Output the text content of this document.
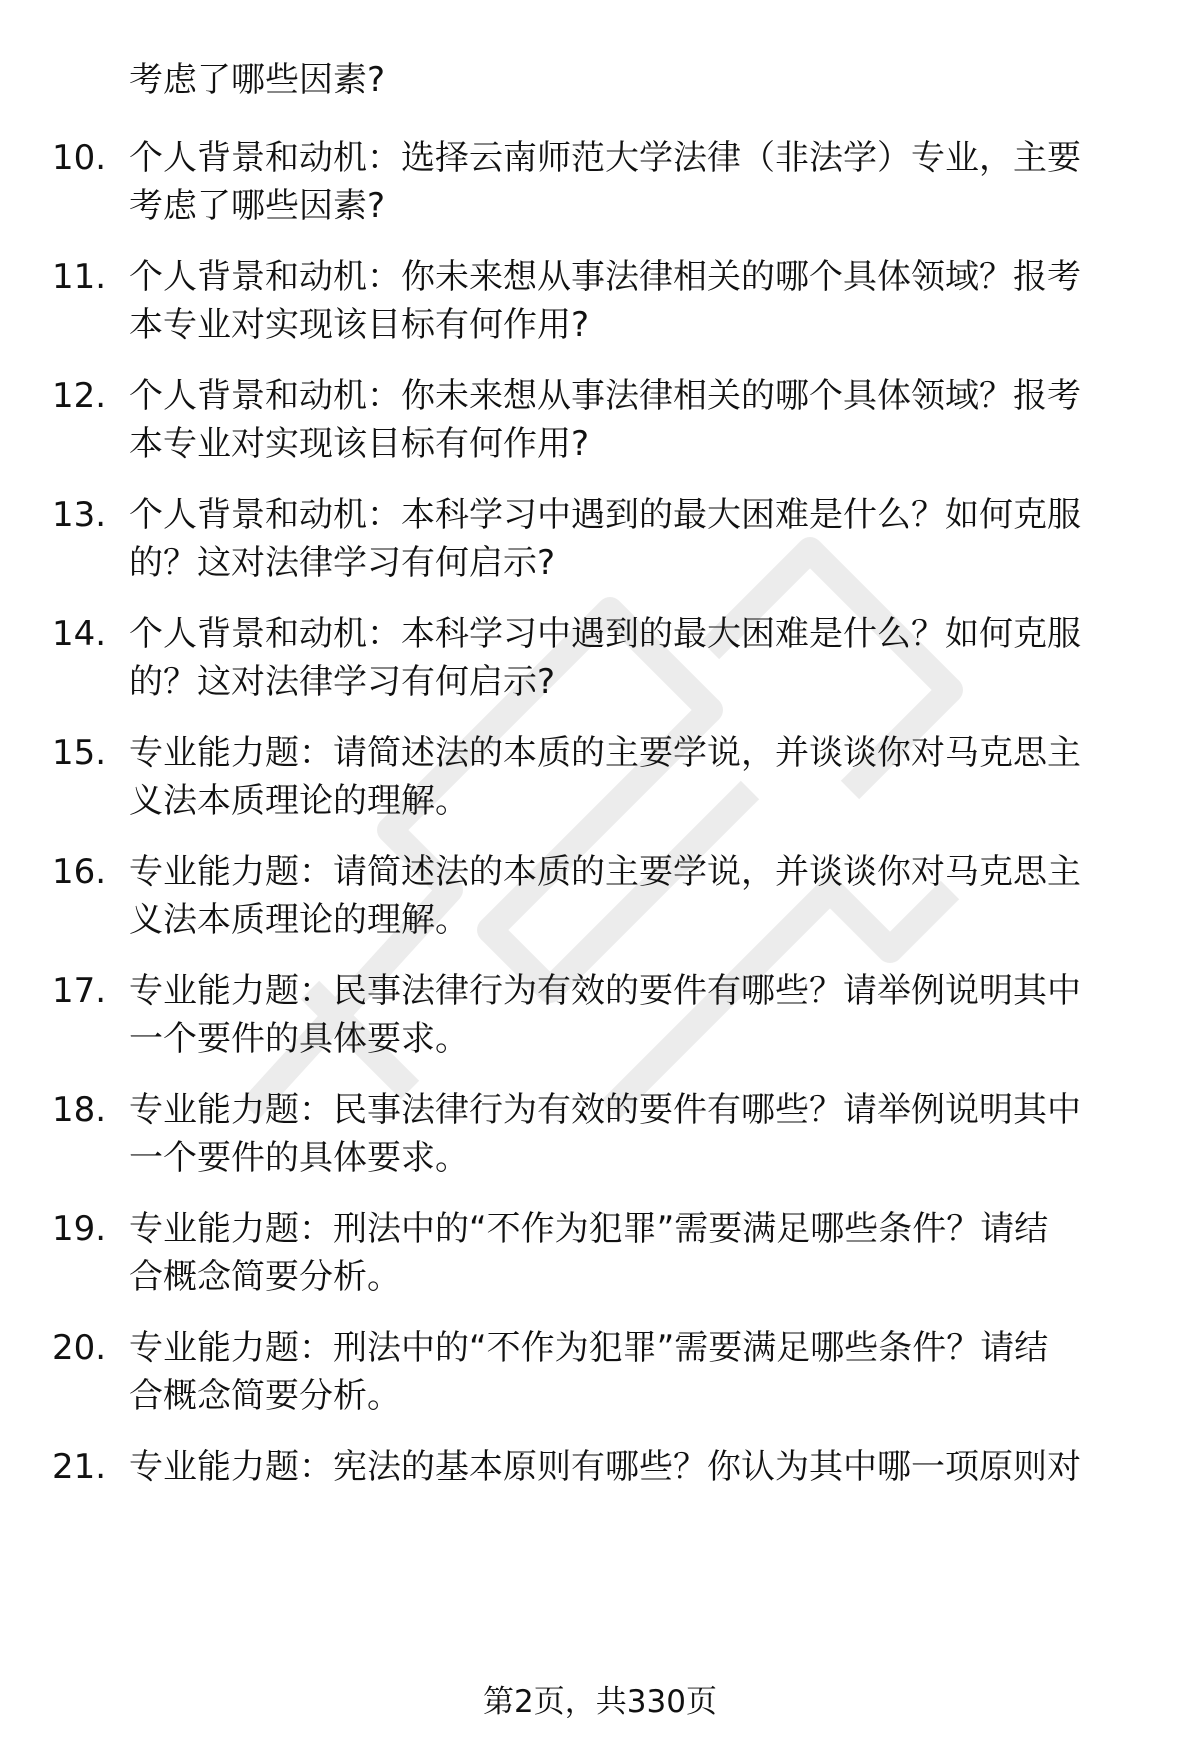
考虑了哪些因素?
10. 个人背景和动机：选择云南师范大学法律（非法学）专业，主要
考虑了哪些因素?
11. 个人背景和动机：你未来想从事法律相关的哪个具体领域？报考
本专业对实现该目标有何作用?
12. 个人背景和动机：你未来想从事法律相关的哪个具体领域？报考
本专业对实现该目标有何作用?
13. 个人背景和动机：本科学习中遇到的最大困难是什么？如何克服
的？这对法律学习有何启示?
14. 个人背景和动机：本科学习中遇到的最大困难是什么？如何克服
的？这对法律学习有何启示?
15. 专业能力题：请简述法的本质的主要学说，并谈谈你对马克思主
义法本质理论的理解。
16. 专业能力题：请简述法的本质的主要学说，并谈谈你对马克思主
义法本质理论的理解。
17. 专业能力题：民事法律行为有效的要件有哪些？请举例说明其中
一个要件的具体要求。
18. 专业能力题：民事法律行为有效的要件有哪些？请举例说明其中
一个要件的具体要求。
19. 专业能力题：刑法中的“不作为犯罪”需要满足哪些条件？请结
合概念简要分析。
20. 专业能力题：刑法中的“不作为犯罪”需要满足哪些条件？请结
合概念简要分析。
21. 专业能力题：宪法的基本原则有哪些？你认为其中哪一项原则对
第2页，共330页
